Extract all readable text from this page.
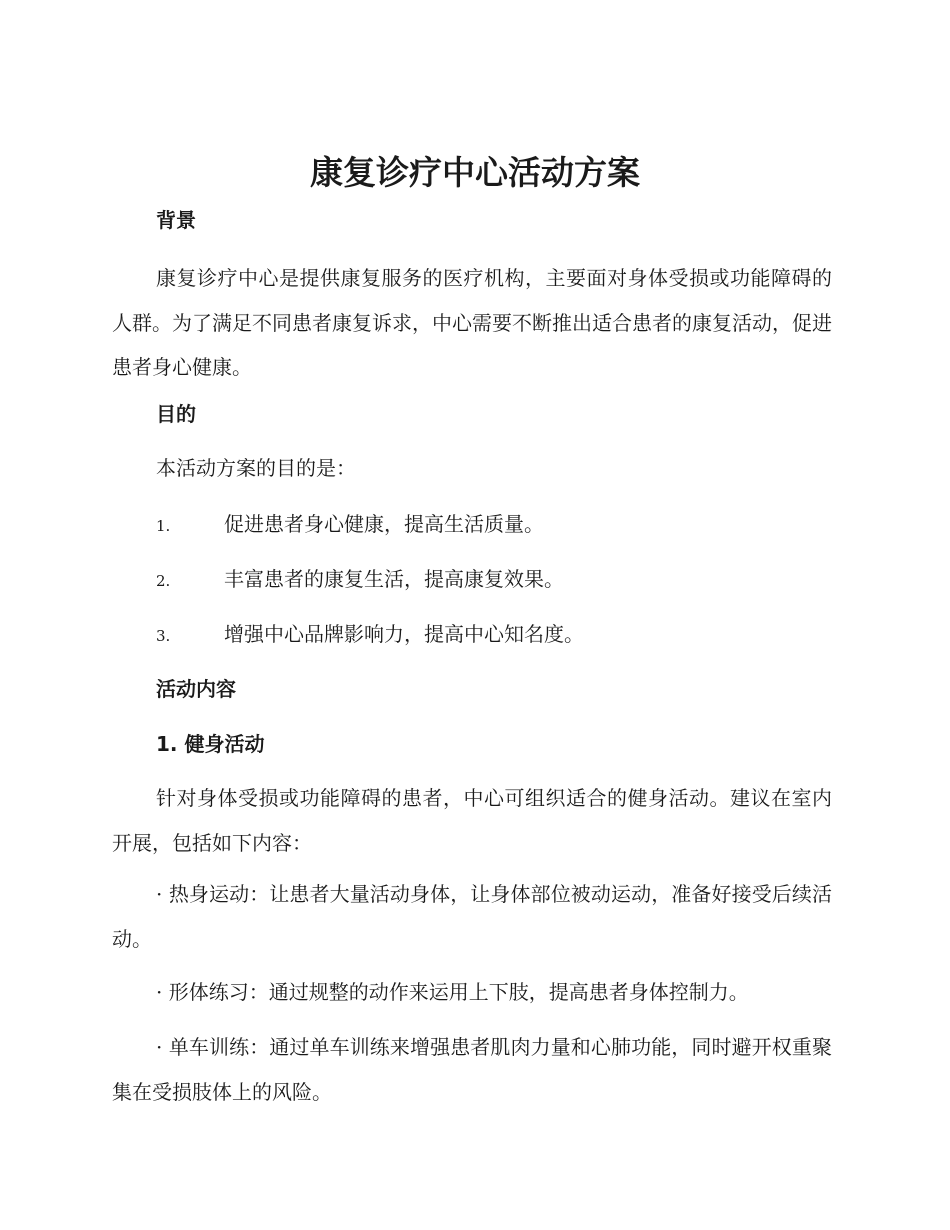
康复诊疗中心活动方案
背景

康复诊疗中心是提供康复服务的医疗机构，主要面对身体受损或功能障碍的人群。为了满足不同患者康复诉求，中心需要不断推出适合患者的康复活动，促进患者身心健康。

目的

本活动方案的目的是：

1.	促进患者身心健康，提高生活质量。
2.	丰富患者的康复生活，提高康复效果。
3.	增强中心品牌影响力，提高中心知名度。
活动内容
1. 健身活动

针对身体受损或功能障碍的患者，中心可组织适合的健身活动。建议在室内开展，包括如下内容：

· 热身运动：让患者大量活动身体，让身体部位被动运动，准备好接受后续活动。

· 形体练习：通过规整的动作来运用上下肢，提高患者身体控制力。

· 单车训练：通过单车训练来增强患者肌肉力量和心肺功能，同时避开权重聚集在受损肢体上的风险。
